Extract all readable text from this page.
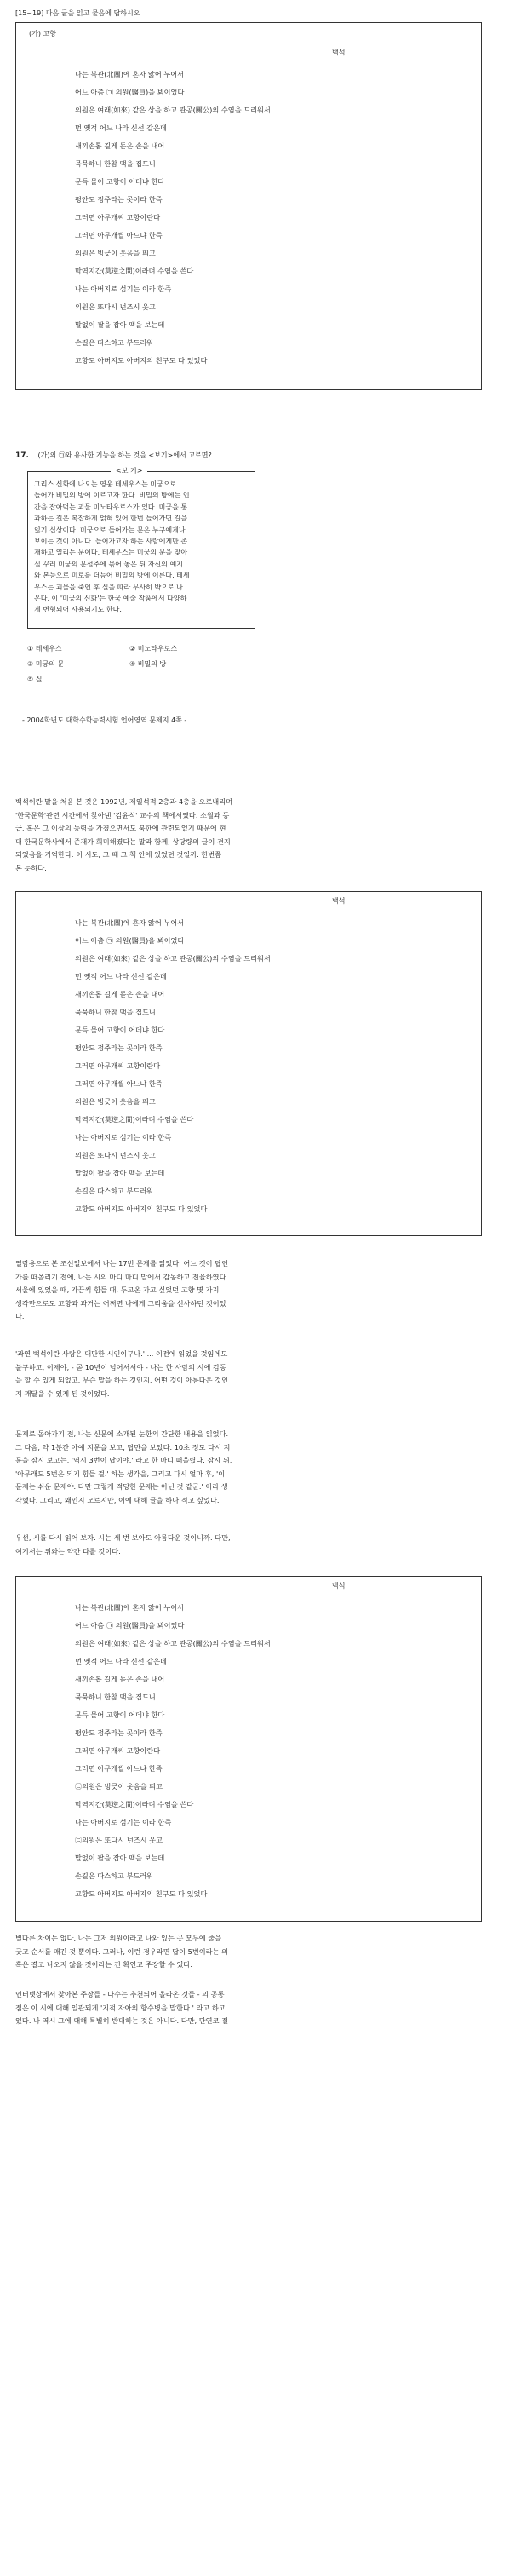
[15~19] 다음 글을 읽고 물음에 답하시오
(가) 고향
백석
나는 북관(北關)에 혼자 앓어 누어서
어느 아츰 ㉠ 의원(醫員)을 뵈이었다
의원은 여래(如來) 같은 상을 하고 관공(關公)의 수염을 드리워서
먼 옛적 어느 나라 신선 같은데
새끼손톱 길게 돋은 손을 내어
묵묵하니 한참 맥을 집드니
문득 물어 고향이 어데냐 한다
평안도 정주라는 곳이라 한즉
그러면 아무개씨 고향이란다
그러면 아무개씰 아느냐 한즉
의원은 빙긋이 웃음을 띄고
막역지간(莫逆之間)이라며 수염을 쓴다
나는 아버지로 섬기는 이라 한즉
의원은 또다시 넌즈시 웃고
말없이 팔을 잡아 맥을 보는데
손길은 따스하고 부드러워
고향도 아버지도 아버지의 친구도 다 있었다
17. (가)의 ㉠와 유사한 기능을 하는 것을 <보기>에서 고르면?
<보 기>
그리스 신화에 나오는 영웅 테세우스는 미궁으로
들어가 비밀의 방에 이르고자 한다. 비밀의 방에는 인
간을 잡아먹는 괴물 미노타우로스가 있다. 미궁을 통
과하는 길은 복잡하게 얽혀 있어 한번 들어가면 길을
잃기 십상이다. 미궁으로 들어가는 문은 누구에게나
보이는 것이 아니다. 들어가고자 하는 사람에게만 존
재하고 열리는 문이다. 테세우스는 미궁의 문을 찾아
실 꾸러 미궁의 문설주에 묶어 놓은 뒤 자신의 예지
와 본능으로 미로를 더듬어 비밀의 방에 이른다. 테세
우스는 괴물을 죽인 후 실을 따라 무사히 밖으로 나
온다. 이 '미궁의 신화'는 한국 예술 작품에서 다양하
게 변형되어 사용되기도 한다.
① 테세우스	② 미노타우로스
③ 미궁의 문	④ 비밀의 방
⑤ 실
- 2004학년도 대학수학능력시험 언어영역 문제지 4쪽 -
백석이란 말을 처음 본 것은 1992년, 제일석적 2층과 4층을 오르내리며
'한국문학'관련 시간에서 찾아낸 '김윤식' 교수의 책에서였다. 소월과 동
급, 혹은 그 이상의 능력을 가졌으면서도 북한에 관련되었기 때문에 현
대 한국문학사에서 존재가 희미해졌다는 말과 함께, 상당량의 글이 견지
되었음을 기억한다. 이 시도, 그 때 그 책 안에 있었던 것일까. 한번쯤
본 듯하다.
백석
나는 북관(北關)에 혼자 앓어 누어서
어느 아츰 ㉠ 의원(醫員)을 뵈이었다
의원은 여래(如來) 같은 상을 하고 관공(關公)의 수염을 드리워서
먼 옛적 어느 나라 신선 같은데
새끼손톱 길게 돋은 손을 내어
묵묵하니 한참 맥을 집드니
문득 물어 고향이 어데냐 한다
평안도 정주라는 곳이라 한즉
그러면 아무개씨 고향이란다
그러면 아무개씰 아느냐 한즉
의원은 빙긋이 웃음을 띄고
막역지간(莫逆之間)이라며 수염을 쓴다
나는 아버지로 섬기는 이라 한즉
의원은 또다시 넌즈시 웃고
말없이 팔을 잡아 맥을 보는데
손길은 따스하고 부드러워
고향도 아버지도 아버지의 친구도 다 있었다
열람용으로 본 조선일보에서 나는 17번 문제를 읽었다. 어느 것이 답인
가를 떠올리기 전에, 나는 시의 마디 마디 말에서 감동하고 전율하였다.
서울에 있었을 때, 가끔씩 힘들 때, 두고온 가고 싶었던 고향 몇 가지
생각만으로도 고향과 과거는 어쩌면 나에게 그리움을 선사하던 것이었
다.
'과연 백석이란 사람은 대단한 시인이구나.' ... 이전에 읽었을 것임에도
불구하고, 이제야, - 곧 10년이 넘어서서야 - 나는 한 사람의 시에 감동
을 할 수 있게 되었고, 무슨 말을 하는 것인지, 어떤 것이 아름다운 것인
지 깨달을 수 있게 된 것이었다.
문제로 돌아가기 전, 나는 신문에 소개된 눈한의 간단한 내용을 읽었다.
그 다음, 약 1분간 아예 지문을 보고, 답만을 보았다. 10초 정도 다시 지
문을 잠시 보고는, '역시 3번이 답이야.' 라고 한 마디 떠올렸다. 잠시 뒤,
'아무래도 5번은 되기 힘들 걸.' 하는 생각을, 그리고 다시 얼마 후, '이
문제는 쉬운 문제야. 다만 그렇게 적당한 문제는 아닌 것 같군.' 이라 생
각했다. 그리고, 왜인지 모르지만, 이에 대해 글을 하나 적고 싶었다.
우선, 시를 다시 읽어 보자. 시는 세 번 보아도 아름다운 것이니까. 다만,
여기서는 위와는 약간 다를 것이다.
백석
나는 북관(北關)에 혼자 앓어 누어서
어느 아츰 ㉠ 의원(醫員)을 뵈이었다
의원은 여래(如來) 같은 상을 하고 관공(關公)의 수염을 드리워서
먼 옛적 어느 나라 신선 같은데
새끼손톱 길게 돋은 손을 내어
묵묵하니 한참 맥을 집드니
문득 물어 고향이 어데냐 한다
평안도 정주라는 곳이라 한즉
그러면 아무개씨 고향이란다
그러면 아무개씰 아느냐 한즉
㉡의원은 빙긋이 웃음을 띄고
막역지간(莫逆之間)이라며 수염을 쓴다
나는 아버지로 섬기는 이라 한즉
㉢의원은 또다시 넌즈시 웃고
말없이 팔을 잡아 맥을 보는데
손길은 따스하고 부드러워
고향도 아버지도 아버지의 친구도 다 있었다
별다른 차이는 없다. 나는 그저 의원이라고 나와 있는 곳 모두에 줄을
긋고 순서를 매긴 것 뿐이다. 그러나, 이런 경우라면 답이 5번이라는 의
혹은 결코 나오지 않을 것이라는 건 확연코 주장할 수 있다.
인터넷상에서 찾아본 주장들 - 다수는 추천되어 올라온 것들 - 의 공통
점은 이 시에 대해 일관되게 '지적 자아의 향수병을 말한다.' 라고 하고
있다. 나 역시 그에 대해 특별히 반대하는 것은 아니다. 다만, 단연코 절
